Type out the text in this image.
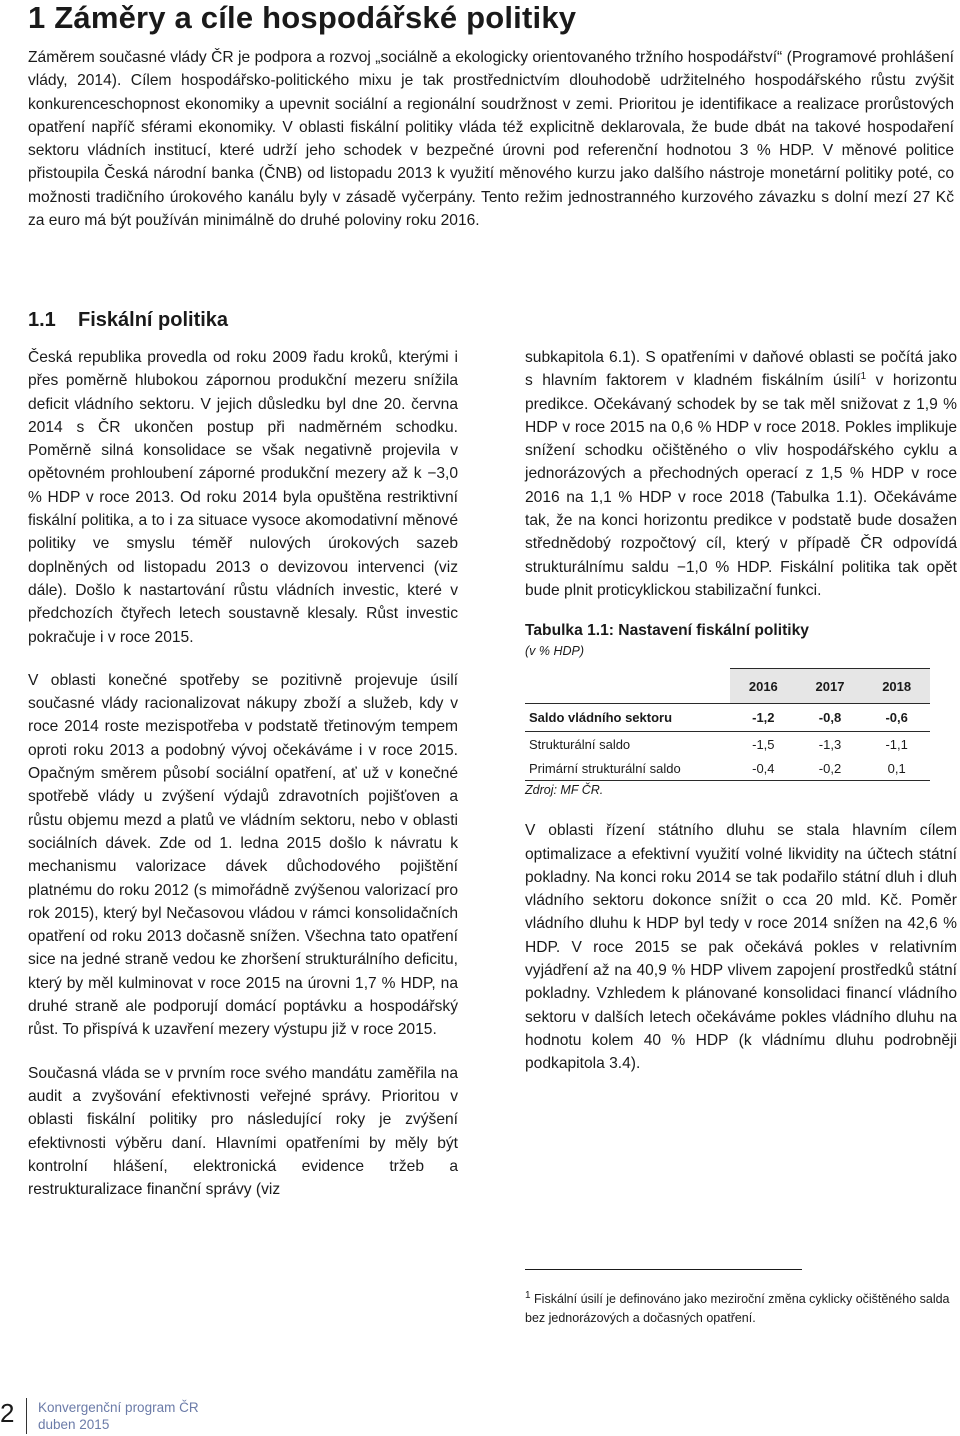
1 Záměry a cíle hospodářské politiky

Záměrem současné vlády ČR je podpora a rozvoj „sociálně a ekologicky orientovaného tržního hospodářství“ (Programové prohlášení vlády, 2014). Cílem hospodářsko-politického mixu je tak prostřednictvím dlouhodobě udržitelného hospodářského růstu zvýšit konkurenceschopnost ekonomiky a upevnit sociální a regionální soudržnost v zemi. Prioritou je identifikace a realizace prorůstových opatření napříč sférami ekonomiky. V oblasti fiskální politiky vláda též explicitně deklarovala, že bude dbát na takové hospodaření sektoru vládních institucí, které udrží jeho schodek v bezpečné úrovni pod referenční hodnotou 3 % HDP. V měnové politice přistoupila Česká národní banka (ČNB) od listopadu 2013 k využití měnového kurzu jako dalšího nástroje monetární politiky poté, co možnosti tradičního úrokového kanálu byly v zásadě vyčerpány. Tento režim jednostranného kurzového závazku s dolní mezí 27 Kč za euro má být používán minimálně do druhé poloviny roku 2016.

1.1 Fiskální politika

Česká republika provedla od roku 2009 řadu kroků, kterými i přes poměrně hlubokou zápornou produkční mezeru snížila deficit vládního sektoru. V jejich důsledku byl dne 20. června 2014 s ČR ukončen postup při nadměrném schodku. Poměrně silná konsolidace se však negativně projevila v opětovném prohloubení záporné produkční mezery až k −3,0 % HDP v roce 2013. Od roku 2014 byla opuštěna restriktivní fiskální politika, a to i za situace vysoce akomodativní měnové politiky ve smyslu téměř nulových úrokových sazeb doplněných od listopadu 2013 o devizovou intervenci (viz dále). Došlo k nastartování růstu vládních investic, které v předchozích čtyřech letech soustavně klesaly. Růst investic pokračuje i v roce 2015.

V oblasti konečné spotřeby se pozitivně projevuje úsilí současné vlády racionalizovat nákupy zboží a služeb, kdy v roce 2014 roste mezispotřeba v podstatě třetinovým tempem oproti roku 2013 a podobný vývoj očekáváme i v roce 2015. Opačným směrem působí sociální opatření, ať už v konečné spotřebě vlády u zvýšení výdajů zdravotních pojišťoven a růstu objemu mezd a platů ve vládním sektoru, nebo v oblasti sociálních dávek. Zde od 1. ledna 2015 došlo k návratu k mechanismu valorizace dávek důchodového pojištění platnému do roku 2012 (s mimořádně zvýšenou valorizací pro rok 2015), který byl Nečasovou vládou v rámci konsolidačních opatření od roku 2013 dočasně snížen. Všechna tato opatření sice na jedné straně vedou ke zhoršení strukturálního deficitu, který by měl kulminovat v roce 2015 na úrovni 1,7 % HDP, na druhé straně ale podporují domácí poptávku a hospodářský růst. To přispívá k uzavření mezery výstupu již v roce 2015.

Současná vláda se v prvním roce svého mandátu zaměřila na audit a zvyšování efektivnosti veřejné správy. Prioritou v oblasti fiskální politiky pro následující roky je zvýšení efektivnosti výběru daní. Hlavními opatřeními by měly být kontrolní hlášení, elektronická evidence tržeb a restrukturalizace finanční správy (viz

subkapitola 6.1). S opatřeními v daňové oblasti se počítá jako s hlavním faktorem v kladném fiskálním úsilí$^1$ v horizontu predikce. Očekávaný schodek by se tak měl snižovat z 1,9 % HDP v roce 2015 na 0,6 % HDP v roce 2018. Pokles implikuje snížení schodku očištěného o vliv hospodářského cyklu a jednorázových a přechodných operací z 1,5 % HDP v roce 2016 na 1,1 % HDP v roce 2018 (Tabulka 1.1). Očekáváme tak, že na konci horizontu predikce v podstatě bude dosažen střednědobý rozpočtový cíl, který v případě ČR odpovídá strukturálnímu saldu −1,0 % HDP. Fiskální politika tak opět bude plnit proticyklickou stabilizační funkci.

Tabulka 1.1: Nastavení fiskální politiky
(v % HDP)
	2016	2017	2018
Saldo vládního sektoru	-1,2	-0,8	-0,6
Strukturální saldo	-1,5	-1,3	-1,1
Primární strukturální saldo	-0,4	-0,2	0,1
Zdroj: MF ČR.

V oblasti řízení státního dluhu se stala hlavním cílem optimalizace a efektivní využití volné likvidity na účtech státní pokladny. Na konci roku 2014 se tak podařilo státní dluh i dluh vládního sektoru dokonce snížit o cca 20 mld. Kč. Poměr vládního dluhu k HDP byl tedy v roce 2014 snížen na 42,6 % HDP. V roce 2015 se pak očekává pokles v relativním vyjádření až na 40,9 % HDP vlivem zapojení prostředků státní pokladny. Vzhledem k plánované konsolidaci financí vládního sektoru v dalších letech očekáváme pokles vládního dluhu na hodnotu kolem 40 % HDP (k vládnímu dluhu podrobněji podkapitola 3.4).

$^1$ Fiskální úsilí je definováno jako meziroční změna cyklicky očištěného salda bez jednorázových a dočasných opatření.

2 Konvergenční program ČR
duben 2015
